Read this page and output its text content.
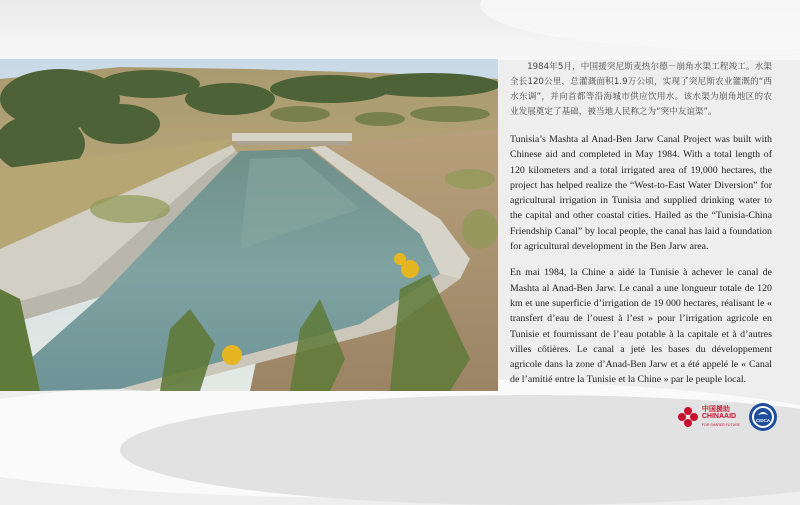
1984年5月，中国援突尼斯麦热尔德－崩角水渠工程竣工。水渠全长120公里，总灌溉面积1.9万公顷，实现了突尼斯农业灌溉的“西水东调”，并向首都等沿海城市供应饮用水。该水渠为崩角地区的农业发展奠定了基础，被当地人民称之为“突中友谊渠”。

Tunisia’s Mashta al Anad-Ben Jarw Canal Project was built with Chinese aid and completed in May 1984. With a total length of 120 kilometers and a total irrigated area of 19,000 hectares, the project has helped realize the “West-to-East Water Diversion” for agricultural irrigation in Tunisia and supplied drinking water to the capital and other coastal cities. Hailed as the “Tunisia-China Friendship Canal” by local people, the canal has laid a foundation for agricultural development in the Ben Jarw area.

En mai 1984, la Chine a aidé la Tunisie à achever le canal de Mashta al Anad-Ben Jarw. Le canal a une longueur totale de 120 km et une superficie d’irrigation de 19 000 hectares, réalisant le « transfert d’eau de l’ouest à l’est » pour l’irrigation agricole en Tunisie et fournissant de l’eau potable à la capitale et à d’autres villes côtières. Le canal a jeté les bases du développement agricole dans la zone d’Anad-Ben Jarw et a été appelé le « Canal de l’amitié entre la Tunisie et la Chine » par le peuple local.

中国援助
CHINAAID
FOR SHARED FUTURE
CIDCA
